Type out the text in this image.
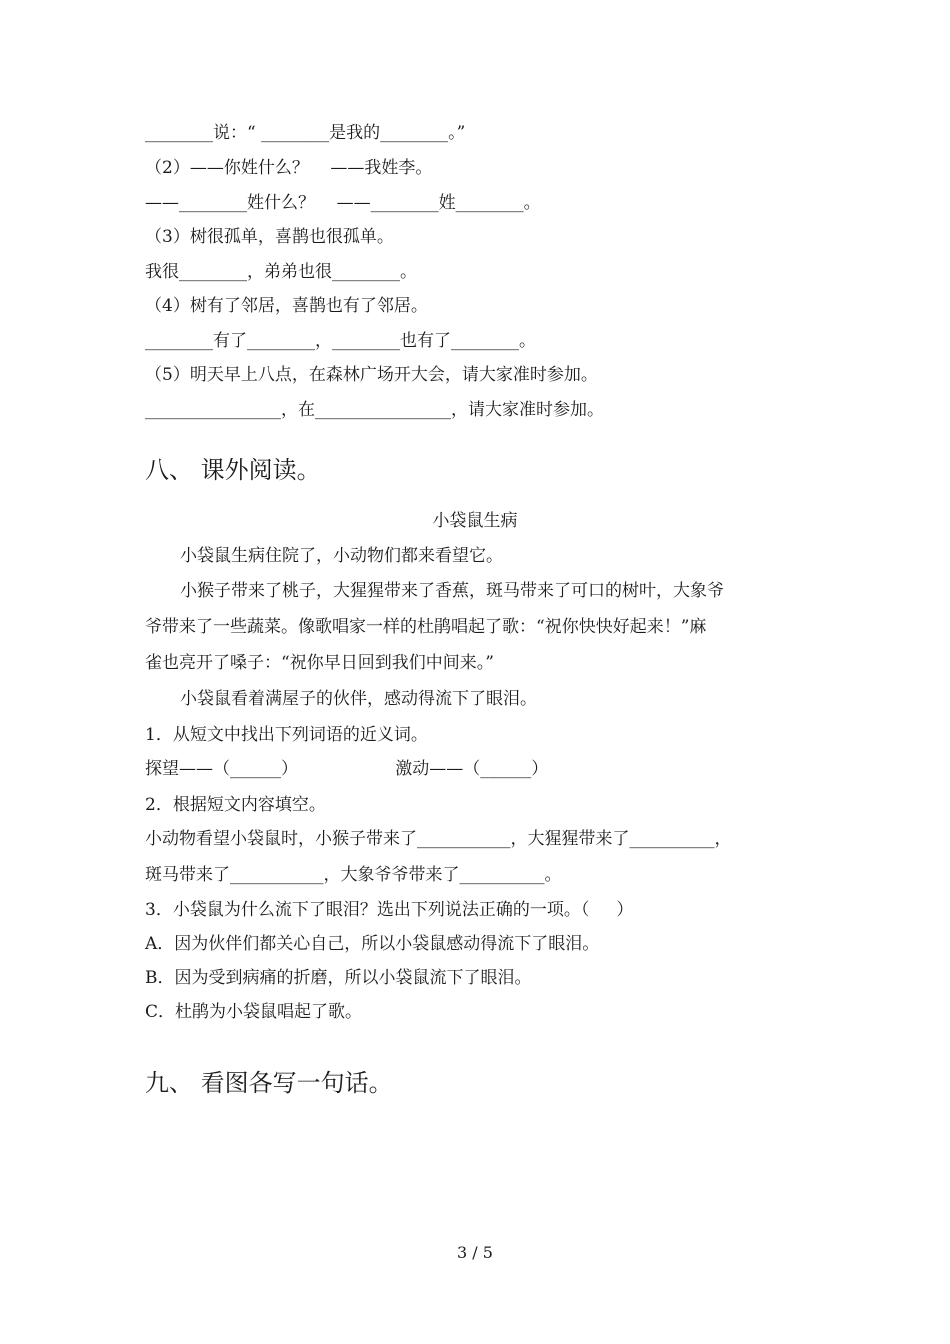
________说：“ ________是我的________。”
（2）——你姓什么？    ——我姓李。
——________姓什么？    ——________姓________。
（3）树很孤单，喜鹊也很孤单。
我很________，弟弟也很________。
（4）树有了邻居，喜鹊也有了邻居。
________有了________，________也有了________。
（5）明天早上八点，在森林广场开大会，请大家准时参加。
________________，在________________，请大家准时参加。
八、 课外阅读。
小袋鼠生病
小袋鼠生病住院了，小动物们都来看望它。
小猴子带来了桃子，大猩猩带来了香蕉，斑马带来了可口的树叶，大象爷
爷带来了一些蔬菜。像歌唱家一样的杜鹃唱起了歌：“祝你快快好起来！”麻
雀也亮开了嗓子：“祝你早日回到我们中间来。”
小袋鼠看着满屋子的伙伴，感动得流下了眼泪。
1．从短文中找出下列词语的近义词。
探望——（______）                  激动——（______）
2．根据短文内容填空。
小动物看望小袋鼠时，小猴子带来了___________，大猩猩带来了__________，
斑马带来了___________，大象爷爷带来了__________。
3．小袋鼠为什么流下了眼泪？选出下列说法正确的一项。（     ）
A．因为伙伴们都关心自己，所以小袋鼠感动得流下了眼泪。
B．因为受到病痛的折磨，所以小袋鼠流下了眼泪。
C．杜鹃为小袋鼠唱起了歌。
九、 看图各写一句话。
3 / 5
